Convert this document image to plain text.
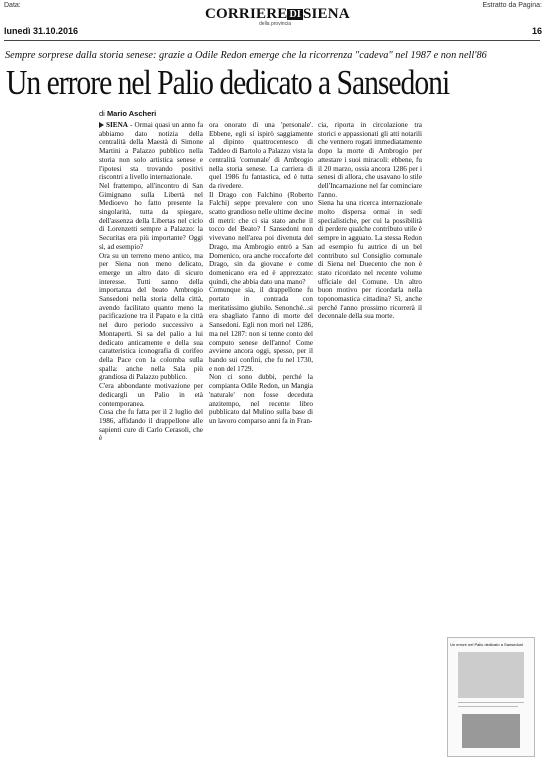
Data:
lunedì 31.10.2016
CORRIERE DI SIENA
della provincia
Estratto da Pagina:
16
Sempre sorprese dalla storia senese: grazie a Odile Redon emerge che la ricorrenza "cadeva" nel 1987 e non nell'86
Un errore nel Palio dedicato a Sansedoni
di Mario Ascheri

SIENA - Ormai quasi un anno fa abbiamo dato notizia della centralità della Maestà di Simone Martini a Palazzo pubblico nella storia non solo artistica senese e l'ipotesi sta trovando positivi riscontri a livello internazionale.

Nel frattempo, all'incontro di San Gimignano sulla Libertà nel Medioevo ho fatto presente la singolarità, tutta da spiegare, dell'assenza della Libertas nel ciclo di Lorenzetti sempre a Palazzo: la Securitas era più importante? Oggi sì, ad esempio?

Ora su un terreno meno antico, ma per Siena non meno delicato, emerge un altro dato di sicuro interesse. Tutti sanno della importanza del beato Ambrogio Sansedoni nella storia della città, avendo facilitato quanto meno la pacificazione tra il Papato e la città nel duro periodo successivo a Montaperti. Si sa del palio a lui dedicato anticamente e della sua caratteristica iconografia di corifeo della Pace con la colomba sulla spalla: anche nella Sala più grandiosa di Palazzo pubblico.

C'era abbondante motivazione per dedicargli un Palio in età contemporanea.

Cosa che fu fatta per il 2 luglio del 1986, affidando il drappellone alle sapienti cure di Carlo Cerasoli, che è

ora onorato di una 'personale'. Ebbene, egli si ispirò saggiamente al dipinto quattrocentesco di Taddeo di Bartolo a Palazzo vista la centralità 'comunale' di Ambrogio nella storia senese. La carriera di quel 1986 fu fantastica, ed è tutta da rivedere.

Il Drago con Falchino (Roberto Falchi) seppe prevalere con uno scatto grandioso nelle ultime decine di metri: che ci sia stato anche il tocco del Beato? I Sansedoni non vivevano nell'area poi divenuta del Drago, ma Ambrogio entrò a San Domenico, ora anche roccaforte del Drago, sin da giovane e come domenicano era ed è apprezzato: quindi, che abbia dato una mano?

Comunque sia, il drappellone fu portato in contrada con meritatissimo giubilo. Senonché...si era sbagliato l'anno di morte del Sansedoni. Egli non morì nel 1286, ma nel 1287: non si tenne conto del computo senese dell'anno! Come avviene ancora oggi, spesso, per il bando sui confini, che fu nel 1730, e non del 1729.

Non ci sono dubbi, perché la compianta Odile Redon, un Mangia 'naturale' non fosse deceduta anzitempo, nel recente libro pubblicato dal Mulino sulla base di un lavoro comparso anni fa in Fran-

cia, riporta in circolazione tra storici e appassionati gli atti notarili che vennero rogati immediatamente dopo la morte di Ambrogio per attestare i suoi miracoli: ebbene, fu il 20 marzo, ossia ancora 1286 per i senesi di allora, che usavano lo stile dell'Incarnazione nel far cominciare l'anno.

Siena ha una ricerca internazionale molto dispersa ormai in sedi specialistiche, per cui la possibilità di perdere qualche contributo utile è sempre in agguato. La stessa Redon ad esempio fu autrice di un bel contributo sul Consiglio comunale di Siena nel Duecento che non è stato ricordato nel recente volume ufficiale del Comune. Un altro buon motivo per ricordarla nella toponomastica cittadina? Sì, anche perché l'anno prossimo ricorrerà il decennale della sua morte.

Un errore nel Palio dedicato a Sansedoni
